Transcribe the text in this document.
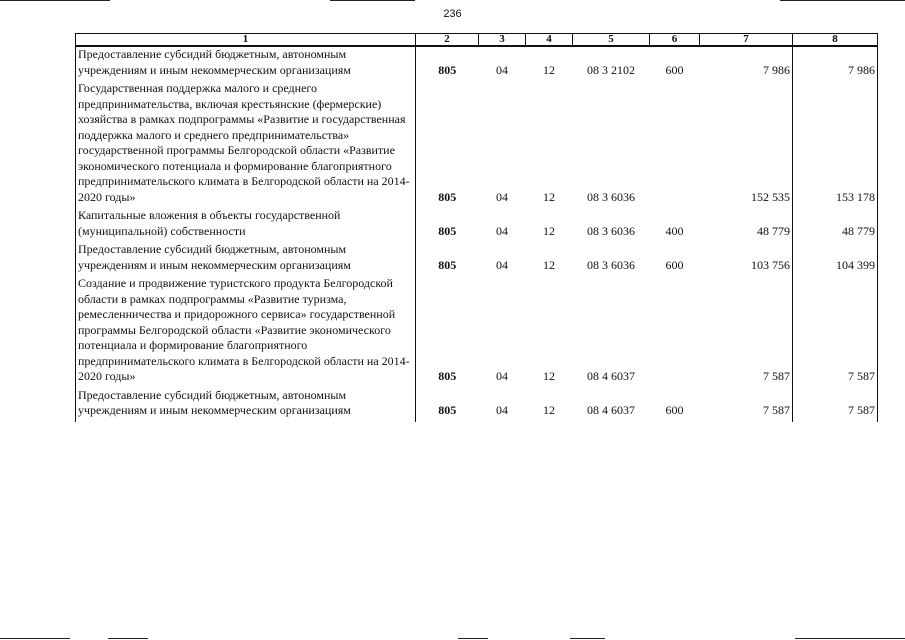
236
1	2	3	4	5	6	7	8
Предоставление субсидий бюджетным, автономным учреждениям и иным некоммерческим организациям	805	04	12	08 3 2102	600	7 986	7 986
Государственная поддержка малого и среднего предпринимательства, включая крестьянские (фермерские) хозяйства в рамках подпрограммы «Развитие и государственная поддержка малого и среднего предпринимательства» государственной программы Белгородской области «Развитие экономического потенциала и формирование благоприятного предпринимательского климата в Белгородской области на 2014-2020 годы»	805	04	12	08 3 6036		152 535	153 178
Капитальные вложения в объекты государственной (муниципальной) собственности	805	04	12	08 3 6036	400	48 779	48 779
Предоставление субсидий бюджетным, автономным учреждениям и иным некоммерческим организациям	805	04	12	08 3 6036	600	103 756	104 399
Создание и продвижение туристского продукта Белгородской области в рамках подпрограммы «Развитие туризма, ремесленничества и придорожного сервиса» государственной программы Белгородской области «Развитие экономического потенциала и формирование благоприятного предпринимательского климата в Белгородской области на 2014-2020 годы»	805	04	12	08 4 6037		7 587	7 587
Предоставление субсидий бюджетным, автономным учреждениям и иным некоммерческим организациям	805	04	12	08 4 6037	600	7 587	7 587
